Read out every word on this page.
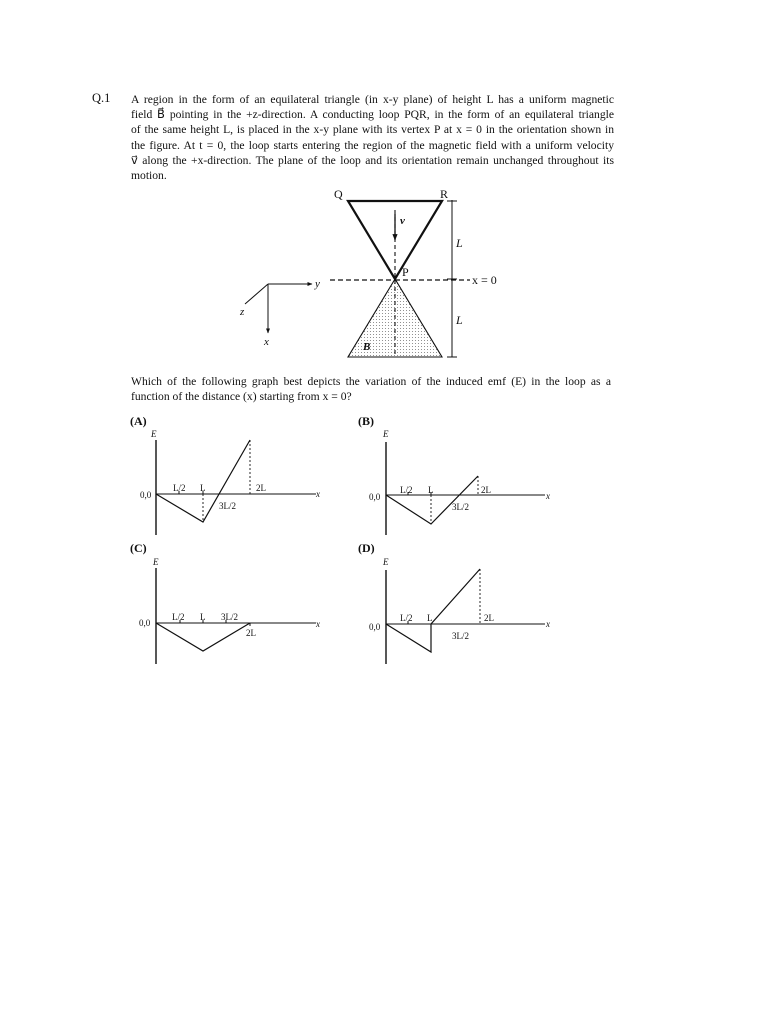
Q.1 A region in the form of an equilateral triangle (in x-y plane) of height L has a uniform magnetic
field B⃗ pointing in the +z-direction. A conducting loop PQR, in the form of an equilateral triangle
of the same height L, is placed in the x-y plane with its vertex P at x = 0 in the orientation shown in
the figure. At t = 0, the loop starts entering the region of the magnetic field with a uniform velocity
v⃗ along the +x-direction. The plane of the loop and its orientation remain unchanged throughout its
motion.
Q	R
P
v⃗
B⃗
L
L
x = 0
y
z
x
(A)
E
0,0	x
L/2 L
3L/2
2L
(B)
E
0,0	x
L/2 L
3L/2
2L
(C)
E
0,0	x
L/2 L 3L/2
2L
(D)
E
0,0	x
L/2 L
3L/2
2L
Which of the following graph best depicts the variation of the induced emf (E) in the loop as a
function of the distance (x) starting from x = 0?
